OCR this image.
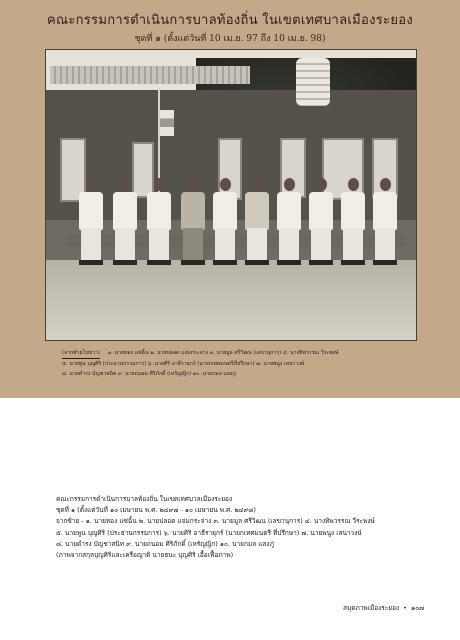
คณะกรรมการดำเนินการบาลท้องถิ่น ในเขตเทศบาลเมืองระยอง
ชุดที่ ๑ (ตั้งแต่วันที่ 10 เม.ย. 97 ถึง 10 เม.ย. 98)
(จากซ้ายไปขวา) ๑. นายทอง แซ่ฉิ้น ๒. นายปลอด แจ่มกระจ่าง ๓. นายมูล ศรีวิฒน (เลขานุการ) ๔. นางทิพวรรณ วีระพงษ์
๕. นายพูน บุญศิริ (ประธานกรรมการ) ๖. นายศิริ อาธีรายุกร์ (นายกเทศมนตรีที่ปรึกษา) ๗. นายพนูง เสนาวงษ์
๘. นายดำรง บัญชาสนิท ๙. นายถนอม ศิริภักดิ์ (เหรัญญิก) ๑๐. นายกมล แสงภู่
คณะกรรมการดำเนินการบาลท้องถิ่น ในเขตเทศบาลเมืองระยอง
ชุดที่ ๑ (ตั้งแต่วันที่ ๑๐ เมษายน พ.ศ. ๒๔๙๗ - ๑๐ เมษายน พ.ศ. ๒๔๙๘)
จากซ้าย - ๑. นายทอง แซ่ฉิ้น ๒. นายปลอด แจ่มกระจ่าง ๓. นายมูล ศรีวิฒน (เลขานุการ) ๔. นางทิพวรรณ วีระพงษ์
๕. นายพูน บุญศิริ (ประธานกรรมการ) ๖. นายศิริ อาธีรายุกร์ (นายกเทศมนตรี ที่ปรึกษา) ๗. นายพนูง เสนาวงษ์
๘. นายดำรง บัญชาสนิท ๙. นายถนอม ศิริภักดิ์ (เหรัญญิก) ๑๐. นายกมล แสงภู่
(ภาพจากสกุลบุญศิริและเครือญาติ นายธนะ บุญศิริ เอื้อเฟื้อภาพ)
สมุดภาพเมืองระยอง • ๑๐๗
